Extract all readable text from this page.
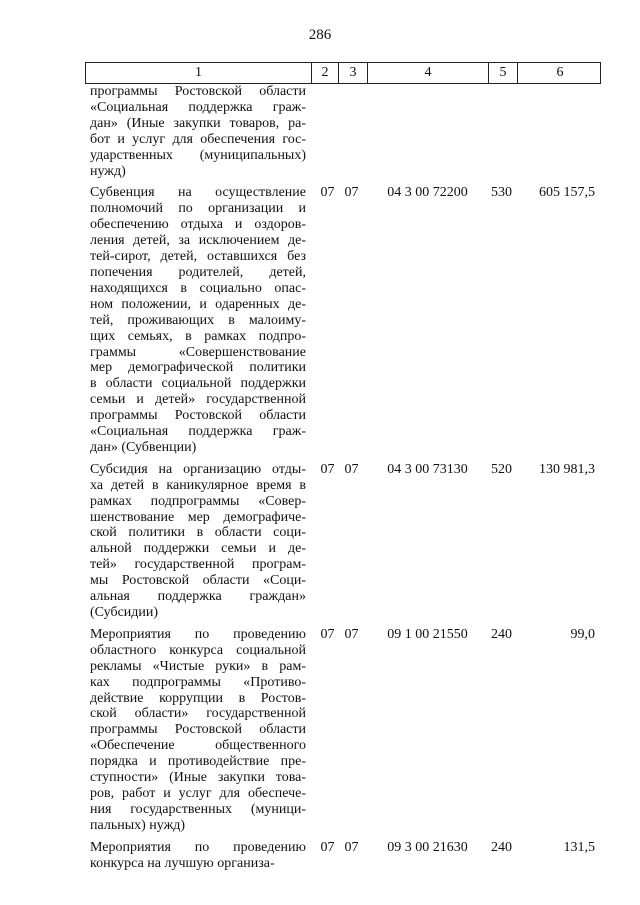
286
1	2	3	4	5	6
программы Ростовской области
«Социальная поддержка граж-
дан» (Иные закупки товаров, ра-
бот и услуг для обеспечения гос-
ударственных (муниципальных)
нужд)
Субвенция на осуществление
полномочий по организации и
обеспечению отдыха и оздоров-
ления детей, за исключением де-
тей-сирот, детей, оставшихся без
попечения родителей, детей,
находящихся в социально опас-
ном положении, и одаренных де-
тей, проживающих в малоиму-
щих семьях, в рамках подпро-
граммы «Совершенствование
мер демографической политики
в области социальной поддержки
семьи и детей» государственной
программы Ростовской области
«Социальная поддержка граж-
дан» (Субвенции)
07 07	04 3 00 72200	530	605 157,5
Субсидия на организацию отды-
ха детей в каникулярное время в
рамках подпрограммы «Совер-
шенствование мер демографиче-
ской политики в области соци-
альной поддержки семьи и де-
тей» государственной програм-
мы Ростовской области «Соци-
альная поддержка граждан»
(Субсидии)
07 07	04 3 00 73130	520	130 981,3
Мероприятия по проведению
областного конкурса социальной
рекламы «Чистые руки» в рам-
ках подпрограммы «Противо-
действие коррупции в Ростов-
ской области» государственной
программы Ростовской области
«Обеспечение общественного
порядка и противодействие пре-
ступности» (Иные закупки това-
ров, работ и услуг для обеспече-
ния государственных (муници-
пальных) нужд)
07 07	09 1 00 21550	240	99,0
Мероприятия по проведению
конкурса на лучшую организа-
07 07	09 3 00 21630	240	131,5
